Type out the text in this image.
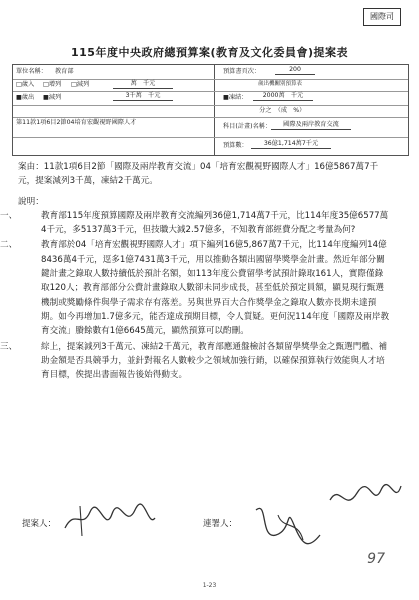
國際司
115年度中央政府總預算案(教育及文化委員會)提案表
單位名稱： 教育部	預算書頁次：	200
□歲入 □增列 □減列	萬　千元	歲出機關別預算表
■歲出 ■減列	3千萬　千元	■凍結：	2000萬　千元
　分之　（成　%）
第11款1項6目2節04培育宏觀視野國際人才
科目(計畫)名稱：	國際及兩岸教育交流
預算數：	36億1,714萬7千元

案由：11款1項6目2節「國際及兩岸教育交流」04「培育宏觀視野國際人才」16億5867萬7千元，提案減列3千萬，凍結2千萬元。

說明：

一、	教育部115年度預算國際及兩岸教育交流編列36億1,714萬7千元，比114年度35億6577萬4千元，多5137萬3千元，但技職大減2.57億多，不知教育部經費分配之考量為何?
二、	教育部於04「培育宏觀視野國際人才」項下編列16億5,867萬7千元，比114年度編列14億8436萬4千元，逕多1億7431萬3千元，用以推動各類出國留學獎學金計畫。然近年部分關鍵計畫之錄取人數持續低於預計名額，如113年度公費留學考試預計錄取161人，實際僅錄取120人；教育部部分公費計畫錄取人數卻未同步成長，甚至低於預定員額，顯見現行甄選機制或獎勵條件與學子需求存有落差。另與世界百大合作獎學金之錄取人數亦長期未達預期。如今再增加1.7億多元，能否達成預期目標，令人質疑。更何況114年度「國際及兩岸教育交流」賸餘數有1億6645萬元，顯然預算可以酌刪。
三、	綜上，提案減列3千萬元、凍結2千萬元，教育部應通盤檢討各類留學獎學金之甄選門檻、補助金額是否具競爭力，並針對報名人數較少之領域加強行銷，以確保預算執行效能與人才培育目標，俟提出書面報告後始得動支。
提案人：	連署人：
97
1-23
